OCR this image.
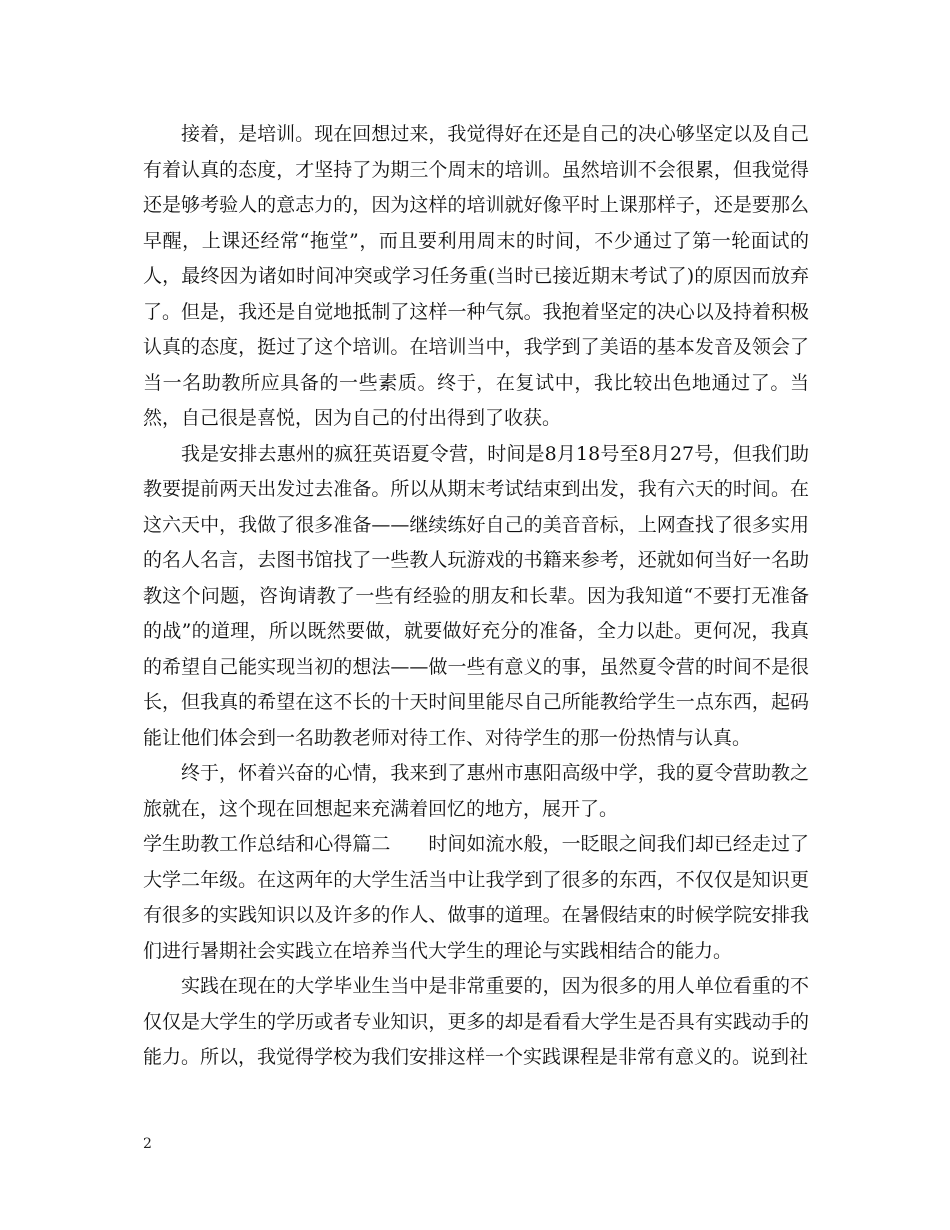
接着，是培训。现在回想过来，我觉得好在还是自己的决心够坚定以及自己有着认真的态度，才坚持了为期三个周末的培训。虽然培训不会很累，但我觉得还是够考验人的意志力的，因为这样的培训就好像平时上课那样子，还是要那么早醒，上课还经常“拖堂”，而且要利用周末的时间，不少通过了第一轮面试的人，最终因为诸如时间冲突或学习任务重(当时已接近期末考试了)的原因而放弃了。但是，我还是自觉地抵制了这样一种气氛。我抱着坚定的决心以及持着积极认真的态度，挺过了这个培训。在培训当中，我学到了美语的基本发音及领会了当一名助教所应具备的一些素质。终于，在复试中，我比较出色地通过了。当然，自己很是喜悦，因为自己的付出得到了收获。

我是安排去惠州的疯狂英语夏令营，时间是8月18号至8月27号，但我们助教要提前两天出发过去准备。所以从期末考试结束到出发，我有六天的时间。在这六天中，我做了很多准备——继续练好自己的美音音标，上网查找了很多实用的名人名言，去图书馆找了一些教人玩游戏的书籍来参考，还就如何当好一名助教这个问题，咨询请教了一些有经验的朋友和长辈。因为我知道“不要打无准备的战”的道理，所以既然要做，就要做好充分的准备，全力以赴。更何况，我真的希望自己能实现当初的想法——做一些有意义的事，虽然夏令营的时间不是很长，但我真的希望在这不长的十天时间里能尽自己所能教给学生一点东西，起码能让他们体会到一名助教老师对待工作、对待学生的那一份热情与认真。

终于，怀着兴奋的心情，我来到了惠州市惠阳高级中学，我的夏令营助教之旅就在，这个现在回想起来充满着回忆的地方，展开了。

学生助教工作总结和心得篇二 时间如流水般，一眨眼之间我们却已经走过了大学二年级。在这两年的大学生活当中让我学到了很多的东西，不仅仅是知识更有很多的实践知识以及许多的作人、做事的道理。在暑假结束的时候学院安排我们进行暑期社会实践立在培养当代大学生的理论与实践相结合的能力。

实践在现在的大学毕业生当中是非常重要的，因为很多的用人单位看重的不仅仅是大学生的学历或者专业知识，更多的却是看看大学生是否具有实践动手的能力。所以，我觉得学校为我们安排这样一个实践课程是非常有意义的。说到社

2
